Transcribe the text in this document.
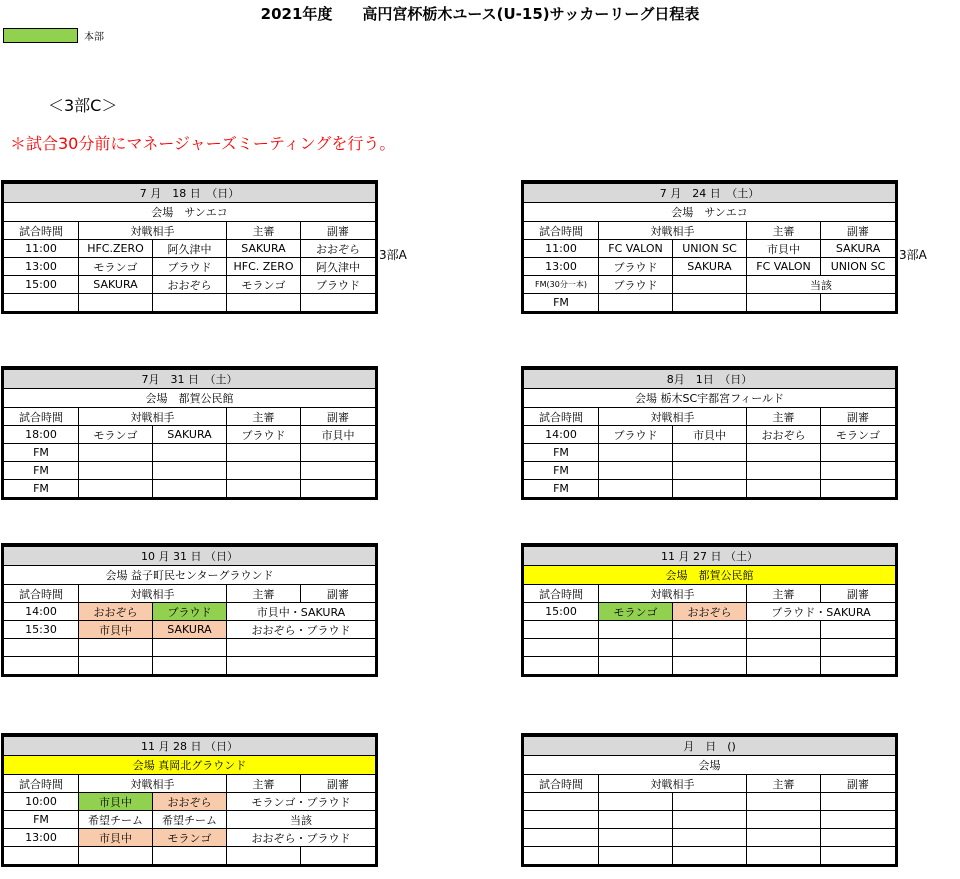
2021年度　　高円宮杯栃木ユース(U-15)サッカーリーグ日程表
本部
＜3部C＞
＊試合30分前にマネージャーズミーティングを行う。
7 月　18 日　（日）				
会場　サンエコ				
試合時間	対戦相手		主審	副審
11:00	HFC.ZERO	阿久津中	SAKURA	おおぞら
13:00	モランゴ	ブラウド	HFC. ZERO	阿久津中
15:00	SAKURA	おおぞら	モランゴ	ブラウド

3部A
7 月　24 日　（土）				
会場　サンエコ				
試合時間	対戦相手		主審	副審
11:00	FC VALON	UNION SC	市貝中	SAKURA
13:00	ブラウド	SAKURA	FC VALON	UNION SC
FM(30分一本)	ブラウド		当該	
FM				
3部A
7月　31 日　（土）				
会場　都賀公民館				
試合時間	対戦相手		主審	副審
18:00	モランゴ	SAKURA	ブラウド	市貝中
FM				
FM				
FM				
8月　1日　（日）				
会場 栃木SC宇都宮フィールド				
試合時間	対戦相手		主審	副審
14:00	ブラウド	市貝中	おおぞら	モランゴ
FM				
FM				
FM				
10 月 31 日 （日）				
会場 益子町民センターグラウンド				
試合時間	対戦相手		主審	副審
14:00	おおぞら	ブラウド	市貝中・SAKURA	
15:30	市貝中	SAKURA	おおぞら・ブラウド	

11 月 27 日 （土）				
会場　都賀公民館				
試合時間	対戦相手		主審	副審
15:00	モランゴ	おおぞら	ブラウド・SAKURA	

11 月 28 日 （日）				
会場 真岡北グラウンド				
試合時間	対戦相手		主審	副審
10:00	市貝中	おおぞら	モランゴ・ブラウド	
FM	希望チーム	希望チーム	当該	
13:00	市貝中	モランゴ	おおぞら・ブラウド	

月　日　()				
会場				
試合時間	対戦相手		主審	副審
